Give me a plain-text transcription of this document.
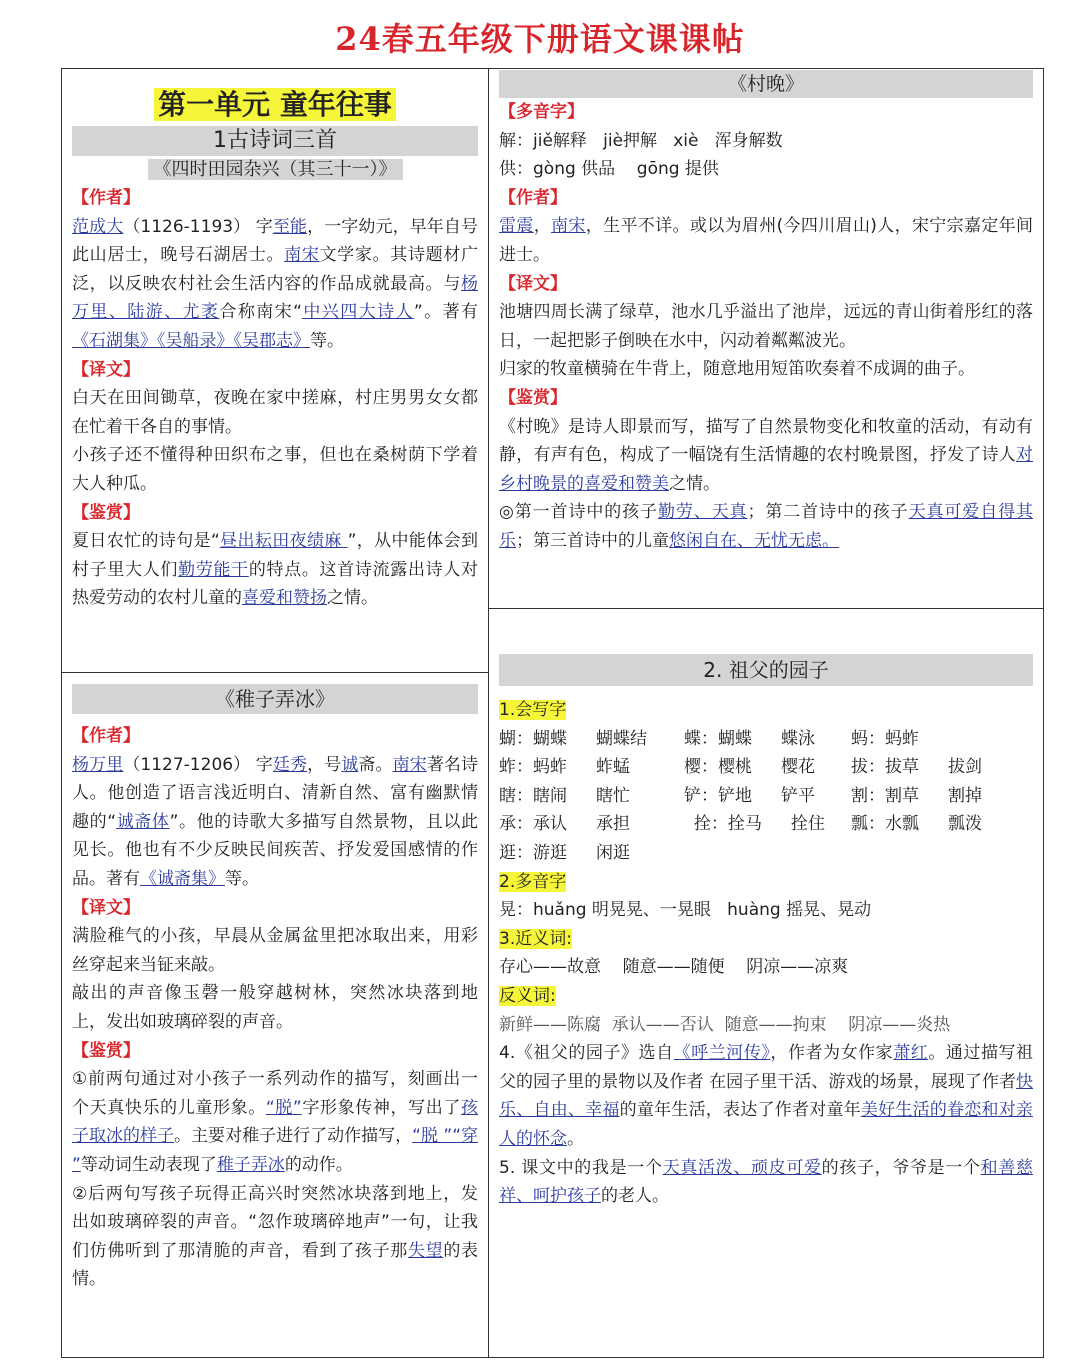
24春五年级下册语文课课帖
第一单元 童年往事
1古诗词三首
《四时田园杂兴（其三十一）》

【作者】

范成大（1126-1193） 字至能，一字幼元，早年自号此山居士，晚号石湖居士。南宋文学家。其诗题材广泛，以反映农村社会生活内容的作品成就最高。与杨万里、陆游、尤袤合称南宋“中兴四大诗人”。著有《石湖集》《吴船录》《吴郡志》等。

【译文】

白天在田间锄草，夜晚在家中搓麻，村庄男男女女都在忙着干各自的事情。

小孩子还不懂得种田织布之事，但也在桑树荫下学着大人种瓜。

【鉴赏】

夏日农忙的诗句是“昼出耘田夜绩麻 ”，从中能体会到村子里大人们勤劳能干的特点。这首诗流露出诗人对热爱劳动的农村儿童的喜爱和赞扬之情。

《稚子弄冰》

【作者】

杨万里（1127-1206） 字廷秀，号诚斋。南宋著名诗人。他创造了语言浅近明白、清新自然、富有幽默情趣的“诚斋体”。他的诗歌大多描写自然景物，且以此见长。他也有不少反映民间疾苦、抒发爱国感情的作品。著有《诚斋集》等。

【译文】

满脸稚气的小孩，早晨从金属盆里把冰取出来，用彩丝穿起来当钲来敲。

敲出的声音像玉磬一般穿越树林，突然冰块落到地上，发出如玻璃碎裂的声音。

【鉴赏】

①前两句通过对小孩子一系列动作的描写，刻画出一个天真快乐的儿童形象。“脱”字形象传神，写出了孩子取冰的样子。主要对稚子进行了动作描写，“脱 ”“穿 ”等动词生动表现了稚子弄冰的动作。

②后两句写孩子玩得正高兴时突然冰块落到地上，发出如玻璃碎裂的声音。“忽作玻璃碎地声”一句，让我们仿佛听到了那清脆的声音，看到了孩子那失望的表情。

《村晚》

【多音字】

解：jiě解释   jiè押解   xiè   浑身解数

供：gòng 供品    gōng 提供

【作者】

雷震，南宋，生平不详。或以为眉州(今四川眉山)人，宋宁宗嘉定年间进士。

【译文】

池塘四周长满了绿草，池水几乎溢出了池岸，远远的青山街着彤红的落日，一起把影子倒映在水中，闪动着粼粼波光。

归家的牧童横骑在牛背上，随意地用短笛吹奏着不成调的曲子。

【鉴赏】

《村晚》是诗人即景而写，描写了自然景物变化和牧童的活动，有动有静，有声有色，构成了一幅饶有生活情趣的农村晚景图，抒发了诗人对乡村晚景的喜爱和赞美之情。

◎第一首诗中的孩子勤劳、天真；第二首诗中的孩子天真可爱自得其乐；第三首诗中的儿童悠闲自在、无忧无虑。

2. 祖父的园子

1.会写字

蝴：蝴蝶 蝴蝶结 蝶：蝴蝶 蝶泳 蚂：蚂蚱

蚱：蚂蚱 蚱蜢	樱：樱桃 樱花 拔：拔草 拔剑

瞎：瞎闹 瞎忙	铲：铲地 铲平 割：割草 割掉

承：承认 承担	拴：拴马 拴住 瓢：水瓢 瓢泼

逛：游逛 闲逛

2.多音字

晃：huǎng 明晃晃、一晃眼   huàng 摇晃、晃动

3.近义词:

存心——故意    随意——随便    阴凉——凉爽

反义词:

新鲜——陈腐  承认——否认  随意——拘束    阴凉——炎热

4.《祖父的园子》选自《呼兰河传》，作者为女作家萧红。通过描写祖父的园子里的景物以及作者 在园子里干活、游戏的场景，展现了作者快乐、自由、幸福的童年生活，表达了作者对童年美好生活的眷恋和对亲人的怀念。

5. 课文中的我是一个天真活泼、顽皮可爱的孩子，爷爷是一个和善慈祥、呵护孩子的老人。
